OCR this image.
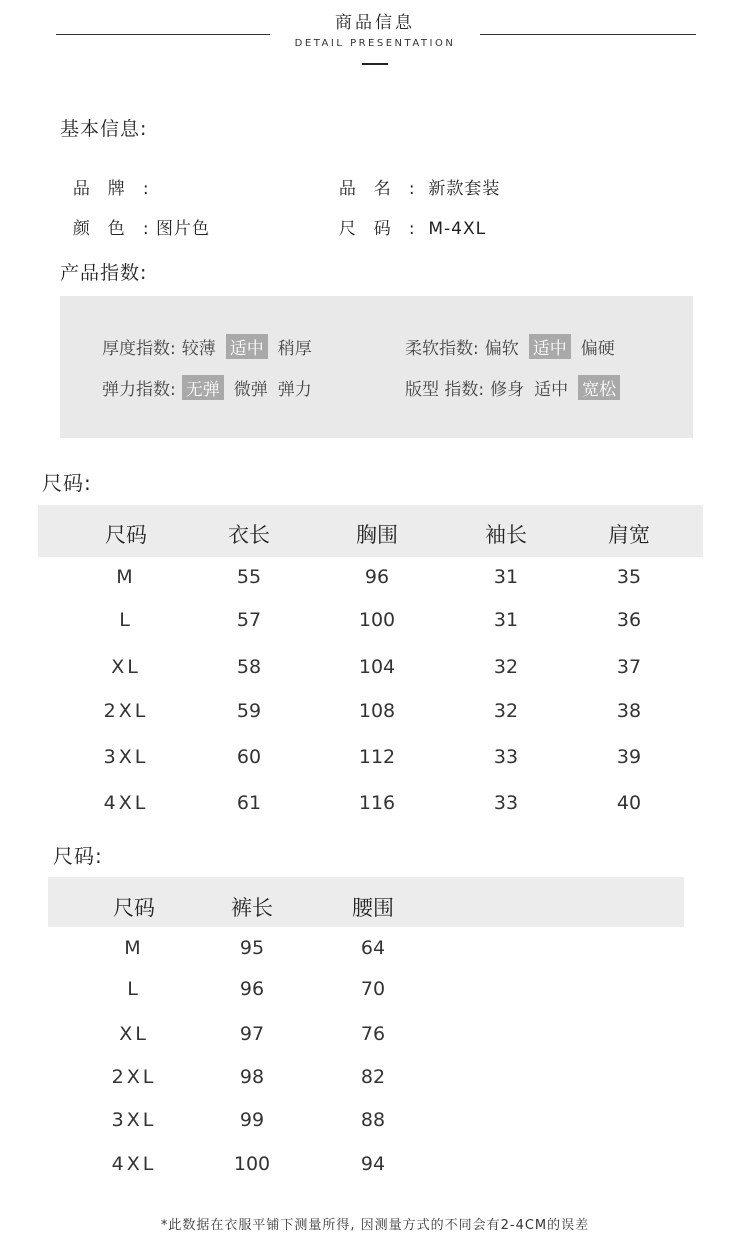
商品信息
DETAIL PRESENTATION
基本信息:

品牌:	品名:  新款套装

颜色: 图片色	尺码:  M-4XL

产品指数:
厚度指数: 较薄 适中 稍厚	柔软指数: 偏软 适中 偏硬
弹力指数: 无弹 微弹 弹力	版型 指数: 修身 适中 宽松
尺码:
尺码	衣长	胸围	袖长	肩宽
M	55	96	31	35
L	57	100	31	36
XL	58	104	32	37
2XL	59	108	32	38
3XL	60	112	33	39
4XL	61	116	33	40
尺码:
尺码	裤长	腰围
M	95	64
L	96	70
XL	97	76
2XL	98	82
3XL	99	88
4XL	100	94
*此数据在衣服平铺下测量所得, 因测量方式的不同会有2-4CM的误差
